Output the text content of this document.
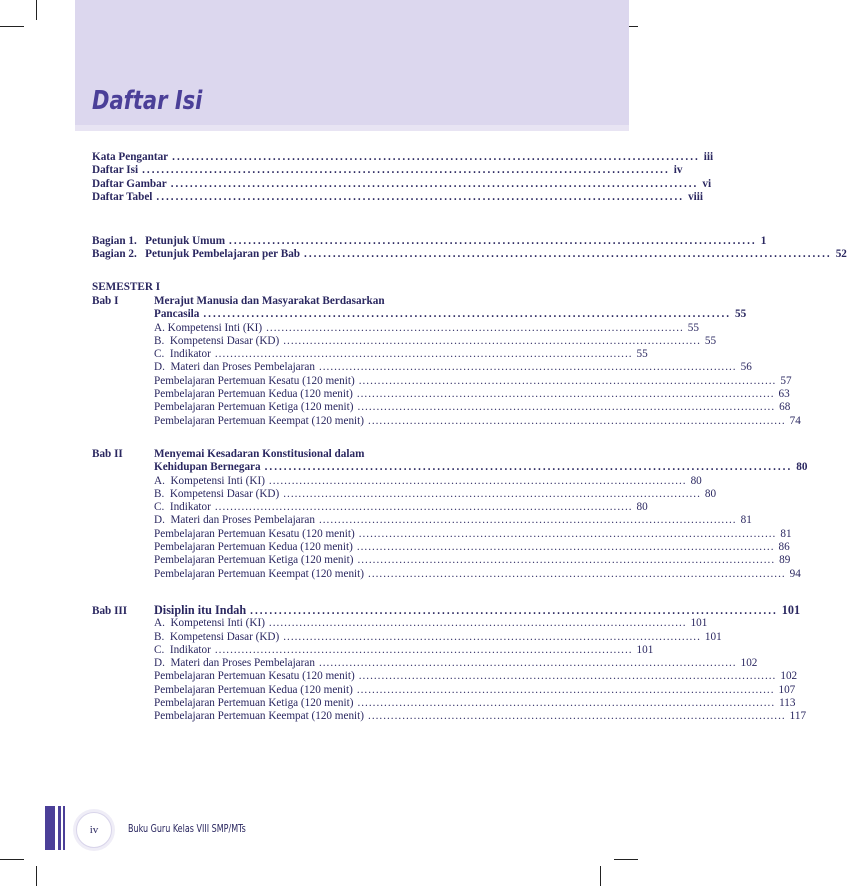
Daftar Isi
Kata Pengantar .............................................................................................................. iii
Daftar Isi .............................................................................................................. iv
Daftar Gambar .............................................................................................................. vi
Daftar Tabel .............................................................................................................. viii
Bagian 1.   Petunjuk Umum .............................................................................................................. 1
Bagian 2.   Petunjuk Pembelajaran per Bab .............................................................................................................. 52
SEMESTER I
Bab I	Merajut Manusia dan Masyarakat Berdasarkan
Pancasila .............................................................................................................. 55
A. Kompetensi Inti (KI) .............................................................................................................. 55
B.  Kompetensi Dasar (KD) .............................................................................................................. 55
C.  Indikator .............................................................................................................. 55
D.  Materi dan Proses Pembelajaran .............................................................................................................. 56
Pembelajaran Pertemuan Kesatu (120 menit) .............................................................................................................. 57
Pembelajaran Pertemuan Kedua (120 menit) .............................................................................................................. 63
Pembelajaran Pertemuan Ketiga (120 menit) .............................................................................................................. 68
Pembelajaran Pertemuan Keempat (120 menit) .............................................................................................................. 74
Bab II	Menyemai Kesadaran Konstitusional dalam
Kehidupan Bernegara .............................................................................................................. 80
A.  Kompetensi Inti (KI) .............................................................................................................. 80
B.  Kompetensi Dasar (KD) .............................................................................................................. 80
C.  Indikator .............................................................................................................. 80
D.  Materi dan Proses Pembelajaran .............................................................................................................. 81
Pembelajaran Pertemuan Kesatu (120 menit) .............................................................................................................. 81
Pembelajaran Pertemuan Kedua (120 menit) .............................................................................................................. 86
Pembelajaran Pertemuan Ketiga (120 menit) .............................................................................................................. 89
Pembelajaran Pertemuan Keempat (120 menit) .............................................................................................................. 94
Bab III	Disiplin itu Indah .............................................................................................................. 101
A.  Kompetensi Inti (KI) .............................................................................................................. 101
B.  Kompetensi Dasar (KD) .............................................................................................................. 101
C.  Indikator .............................................................................................................. 101
D.  Materi dan Proses Pembelajaran .............................................................................................................. 102
Pembelajaran Pertemuan Kesatu (120 menit) .............................................................................................................. 102
Pembelajaran Pertemuan Kedua (120 menit) .............................................................................................................. 107
Pembelajaran Pertemuan Ketiga (120 menit) .............................................................................................................. 113
Pembelajaran Pertemuan Keempat (120 menit) .............................................................................................................. 117
iv	Buku Guru Kelas VIII SMP/MTs
